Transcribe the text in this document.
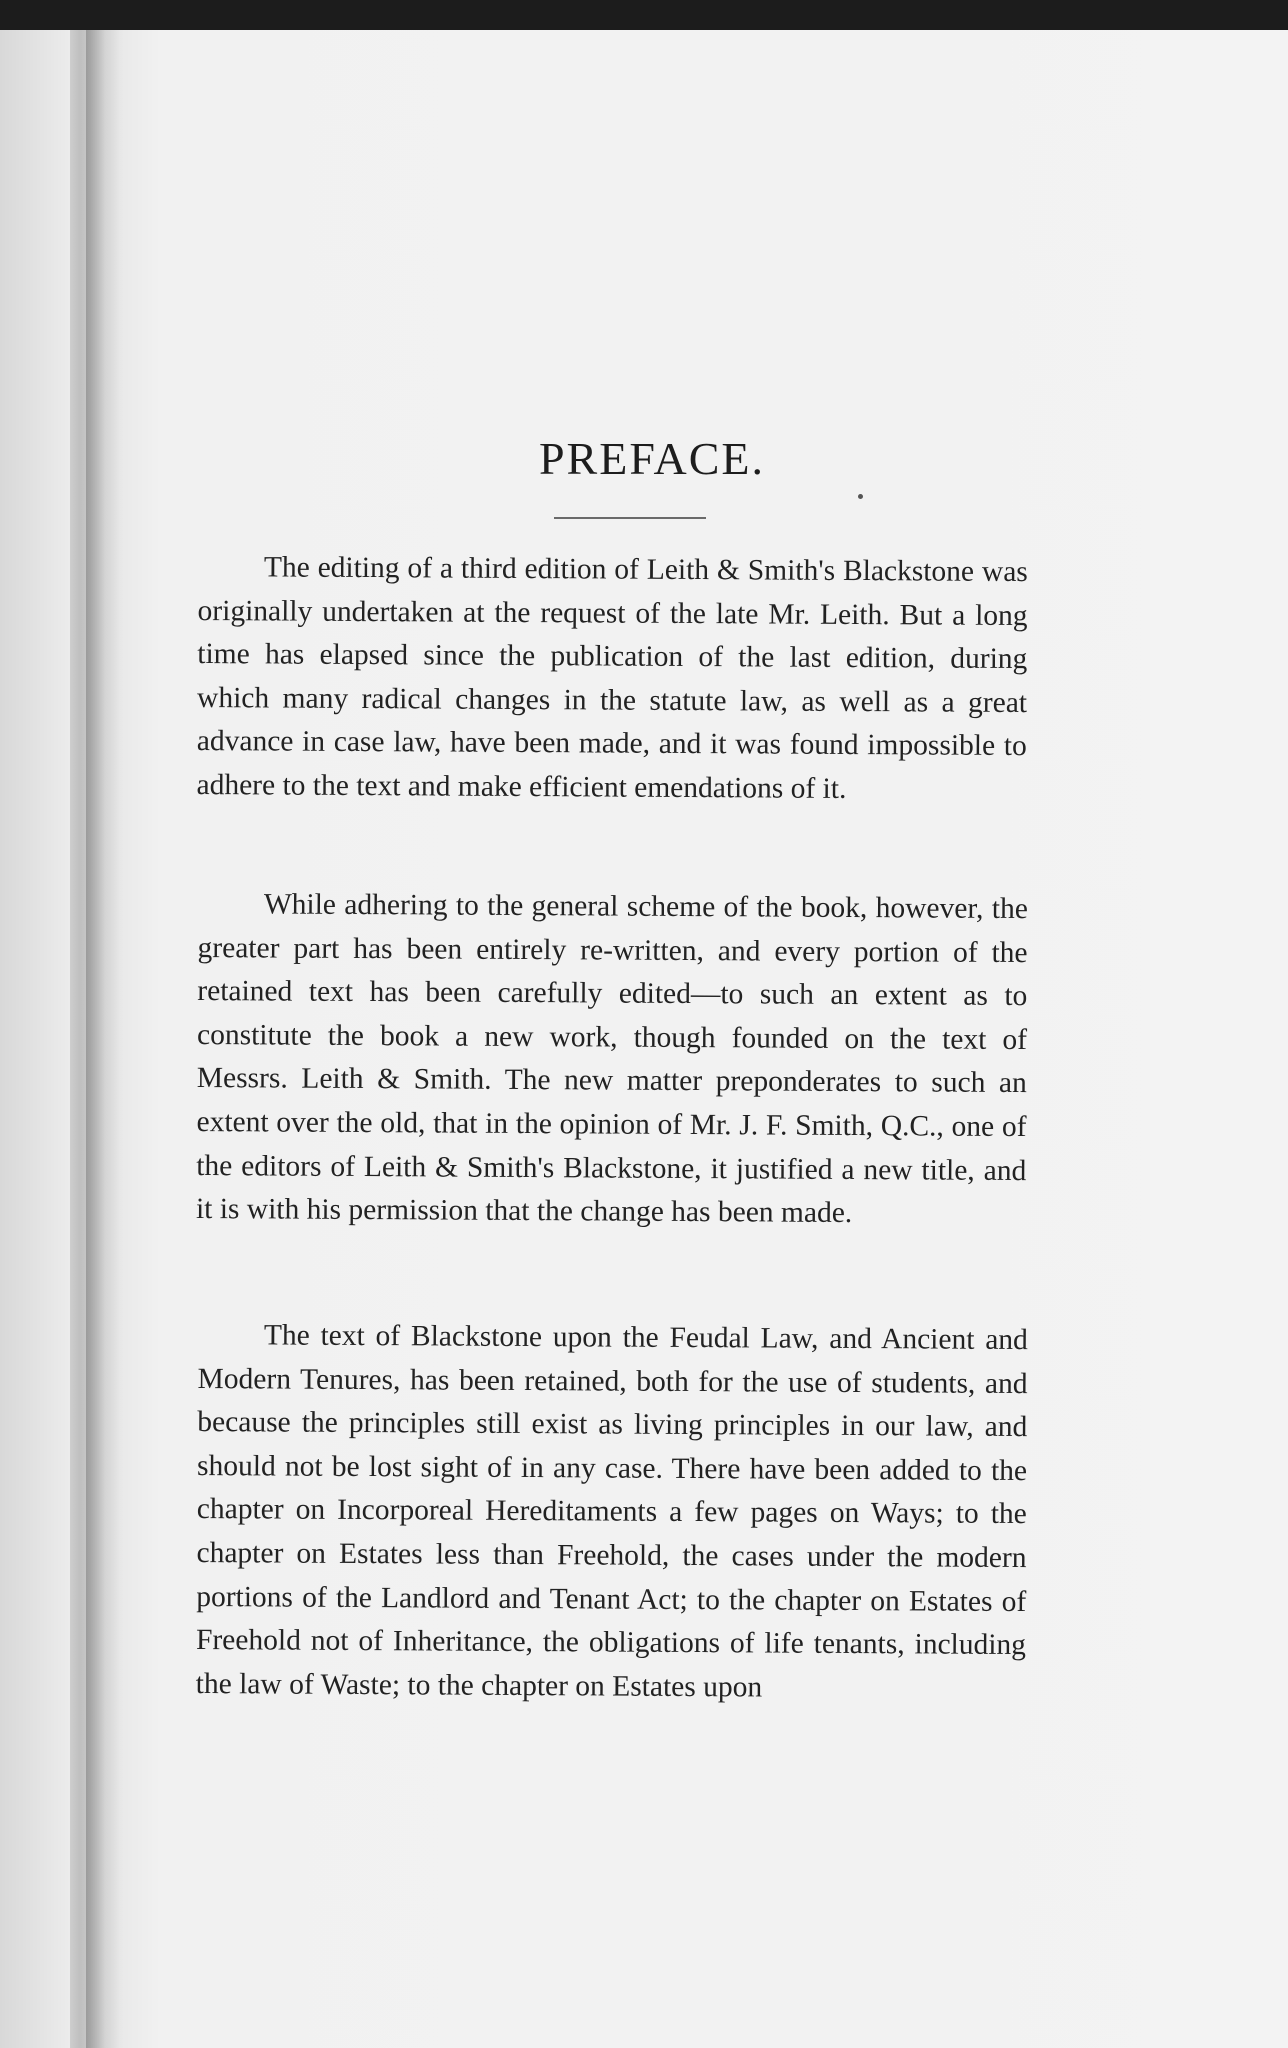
PREFACE.
The editing of a third edition of Leith & Smith's Blackstone was originally undertaken at the request of the late Mr. Leith. But a long time has elapsed since the publication of the last edition, during which many radical changes in the statute law, as well as a great advance in case law, have been made, and it was found impossible to adhere to the text and make efficient emendations of it.
While adhering to the general scheme of the book, however, the greater part has been entirely re-written, and every portion of the retained text has been carefully edited—to such an extent as to constitute the book a new work, though founded on the text of Messrs. Leith & Smith. The new matter preponderates to such an extent over the old, that in the opinion of Mr. J. F. Smith, Q.C., one of the editors of Leith & Smith's Blackstone, it justified a new title, and it is with his permission that the change has been made.
The text of Blackstone upon the Feudal Law, and Ancient and Modern Tenures, has been retained, both for the use of students, and because the principles still exist as living principles in our law, and should not be lost sight of in any case. There have been added to the chapter on Incorporeal Hereditaments a few pages on Ways; to the chapter on Estates less than Freehold, the cases under the modern portions of the Landlord and Tenant Act; to the chapter on Estates of Freehold not of Inheritance, the obligations of life tenants, including the law of Waste; to the chapter on Estates upon
